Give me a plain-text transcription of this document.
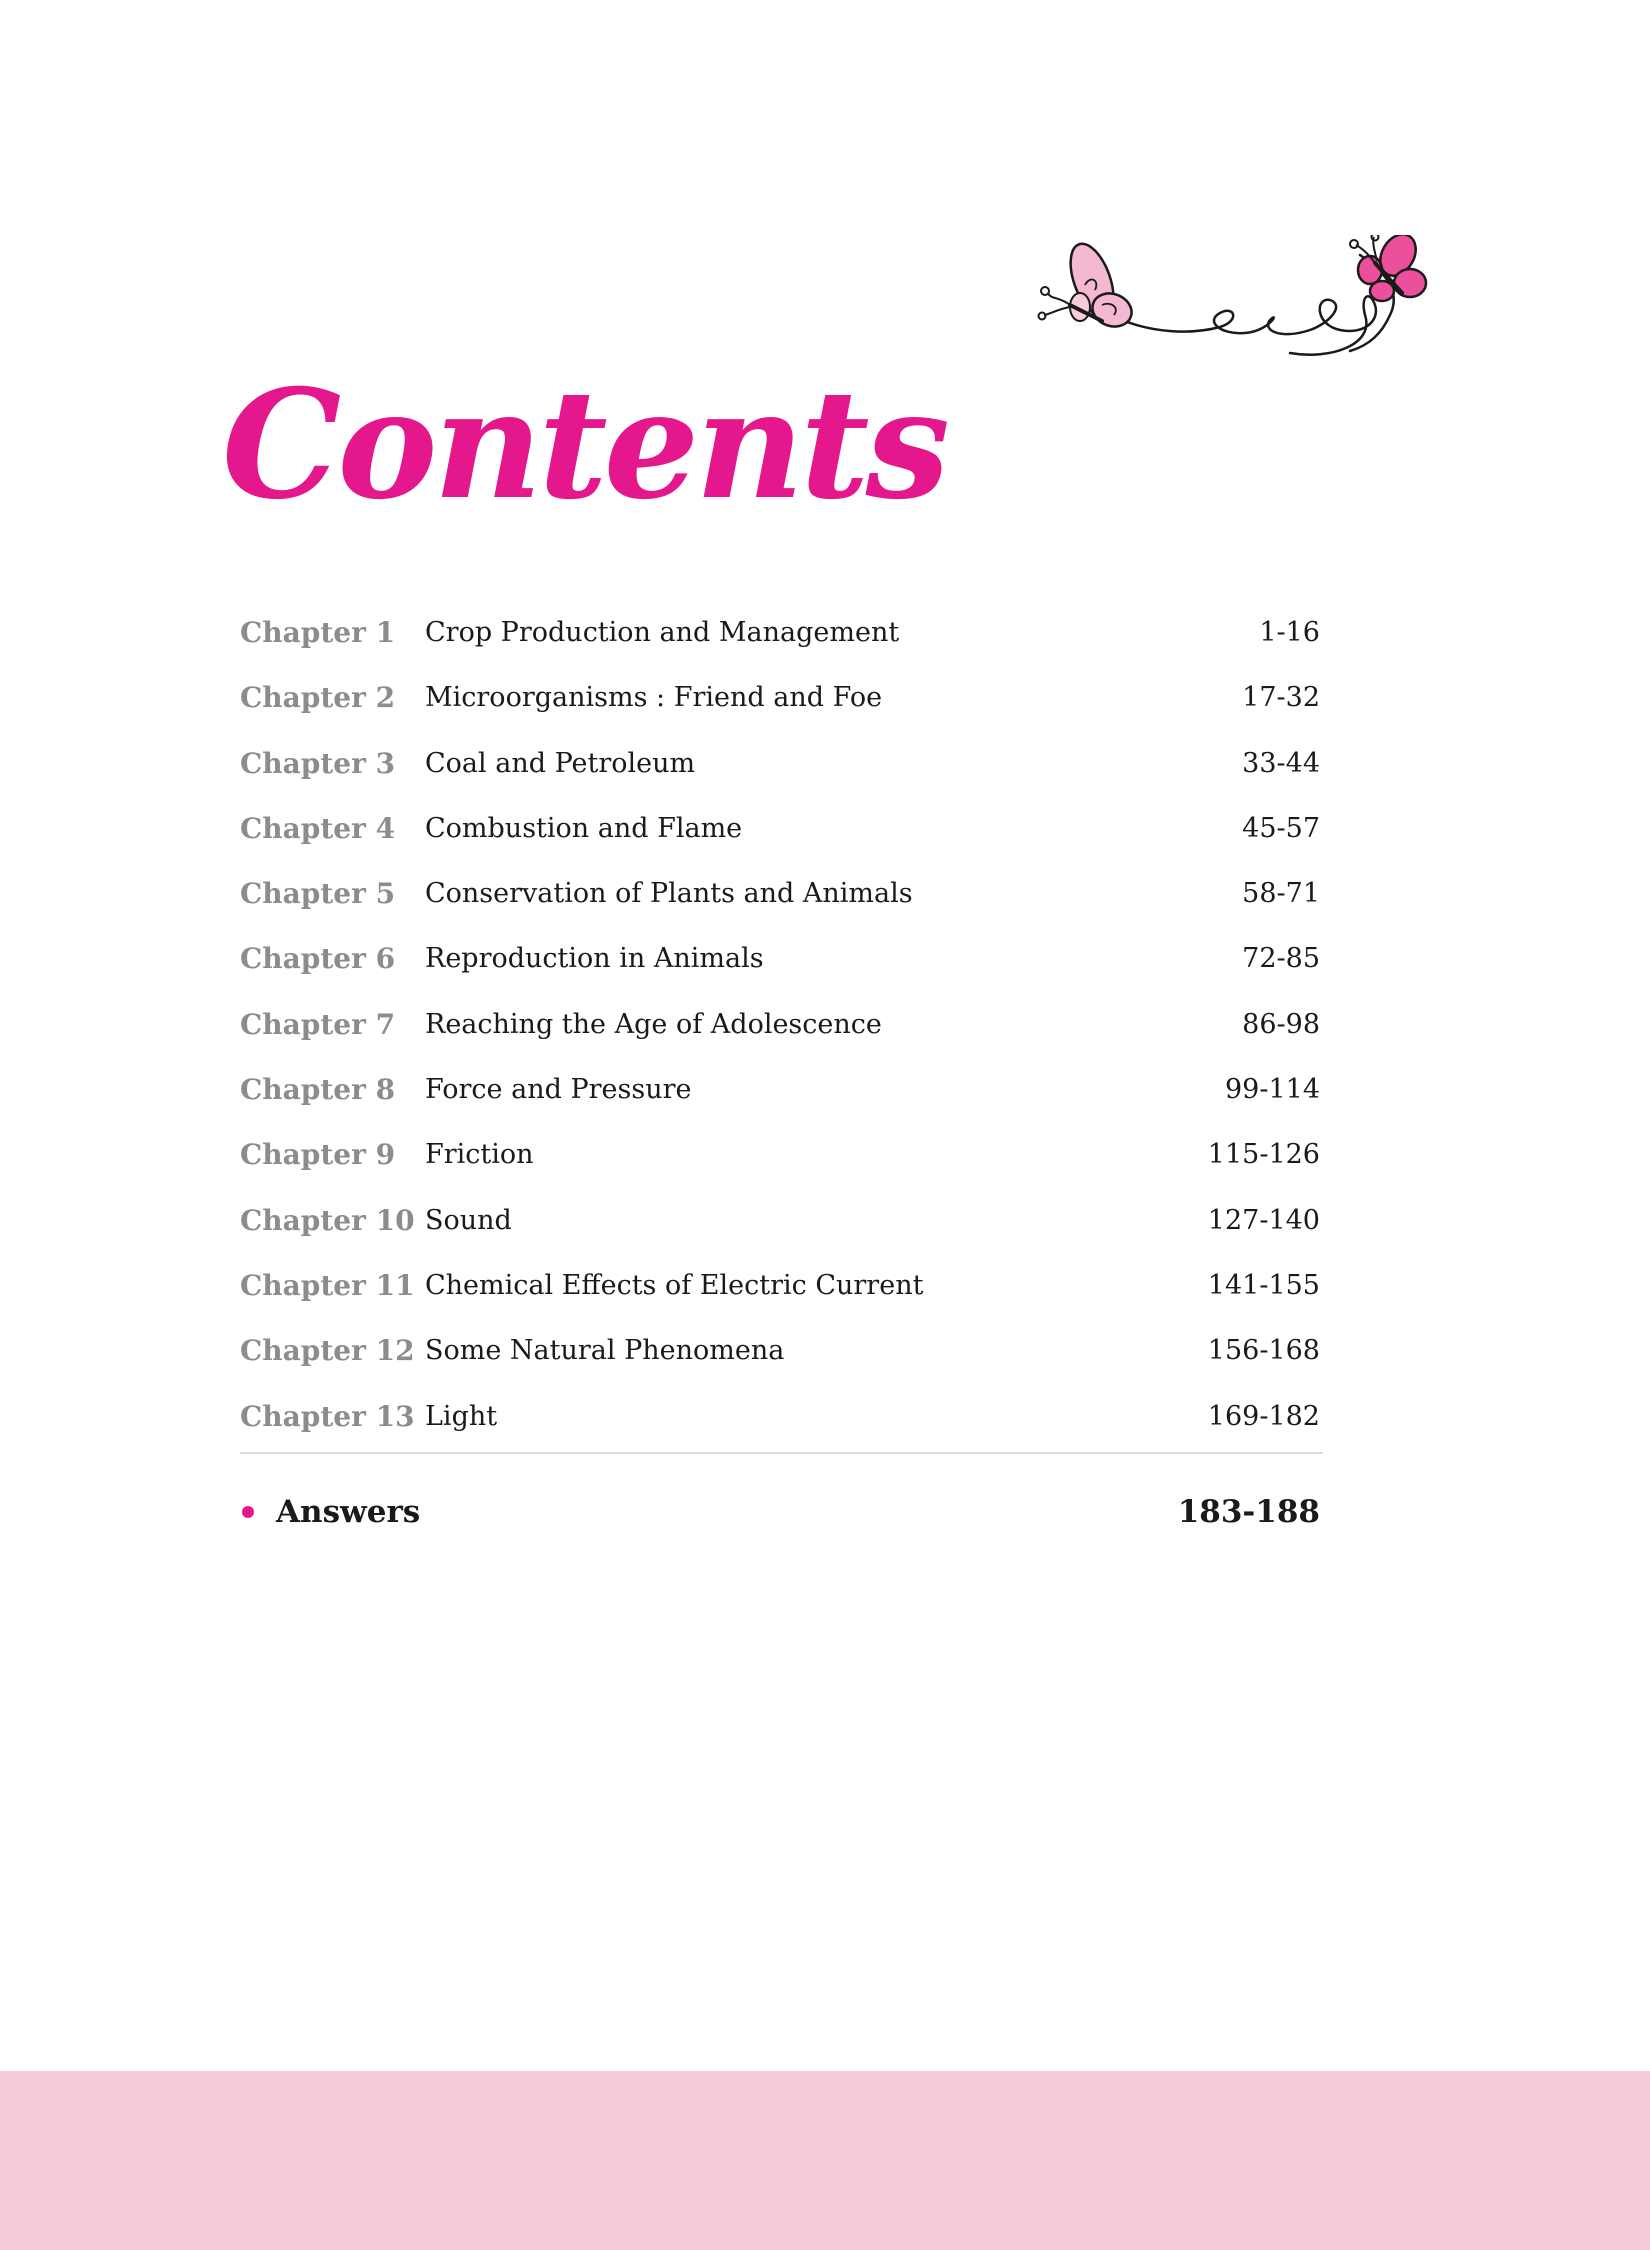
Contents
Chapter 1 Crop Production and Management	1-16
Chapter 2 Microorganisms : Friend and Foe	17-32
Chapter 3 Coal and Petroleum	33-44
Chapter 4 Combustion and Flame	45-57
Chapter 5 Conservation of Plants and Animals	58-71
Chapter 6 Reproduction in Animals	72-85
Chapter 7 Reaching the Age of Adolescence	86-98
Chapter 8 Force and Pressure	99-114
Chapter 9 Friction	115-126
Chapter 10 Sound	127-140
Chapter 11 Chemical Effects of Electric Current	141-155
Chapter 12 Some Natural Phenomena	156-168
Chapter 13 Light	169-182
Answers	183-188
